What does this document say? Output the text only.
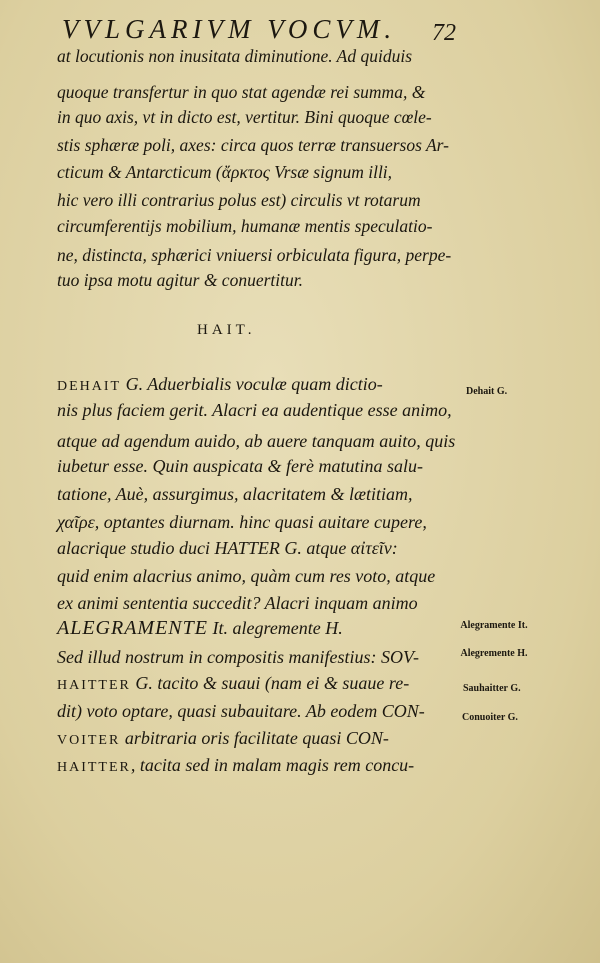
VVLGARIVM VOCVM.	72
at locutionis non inusitata diminutione. Ad quiduis
quoque transfertur in quo stat agendæ rei summa, &
in quo axis, vt in dicto est, vertitur. Bini quoque cœle-
stis sphæræ poli, axes: circa quos terræ transuersos Ar-
cticum & Antarcticum (ἄρκτος Vrsæ signum illi,
hic vero illi contrarius polus est) circulis vt rotarum
circumferentijs mobilium, humanæ mentis speculatio-
ne, distincta, sphærici vniuersi orbiculata figura, perpe-
tuo ipsa motu agitur & conuertitur.
HAIT.
DEHAIT G. Aduerbialis voculæ quam dictio-
nis plus faciem gerit. Alacri ea audentique esse animo,
atque ad agendum auido, ab auere tanquam auito, quis
iubetur esse. Quin auspicata & ferè matutina salu-
tatione, Auè, assurgimus, alacritatem & lætitiam,
χαῖρε, optantes diurnam. hinc quasi auitare cupere,
alacrique studio duci HATTER G. atque αἰτεῖν:
quid enim alacrius animo, quàm cum res voto, atque
ex animi sententia succedit? Alacri inquam animo
ALEGRAMENTE It. alegremente H.
Sed illud nostrum in compositis manifestius: SOV-
HAITTER G. tacito & suaui (nam ei & suaue re-
dit) voto optare, quasi subauitare. Ab eodem CON-
VOITER arbitraria oris facilitate quasi CON-
HAITTER, tacita sed in malam magis rem concu-
Dehait G.
Alegramente It.
Alegremente H.
Sauhaitter G.
Conuoiter G.
